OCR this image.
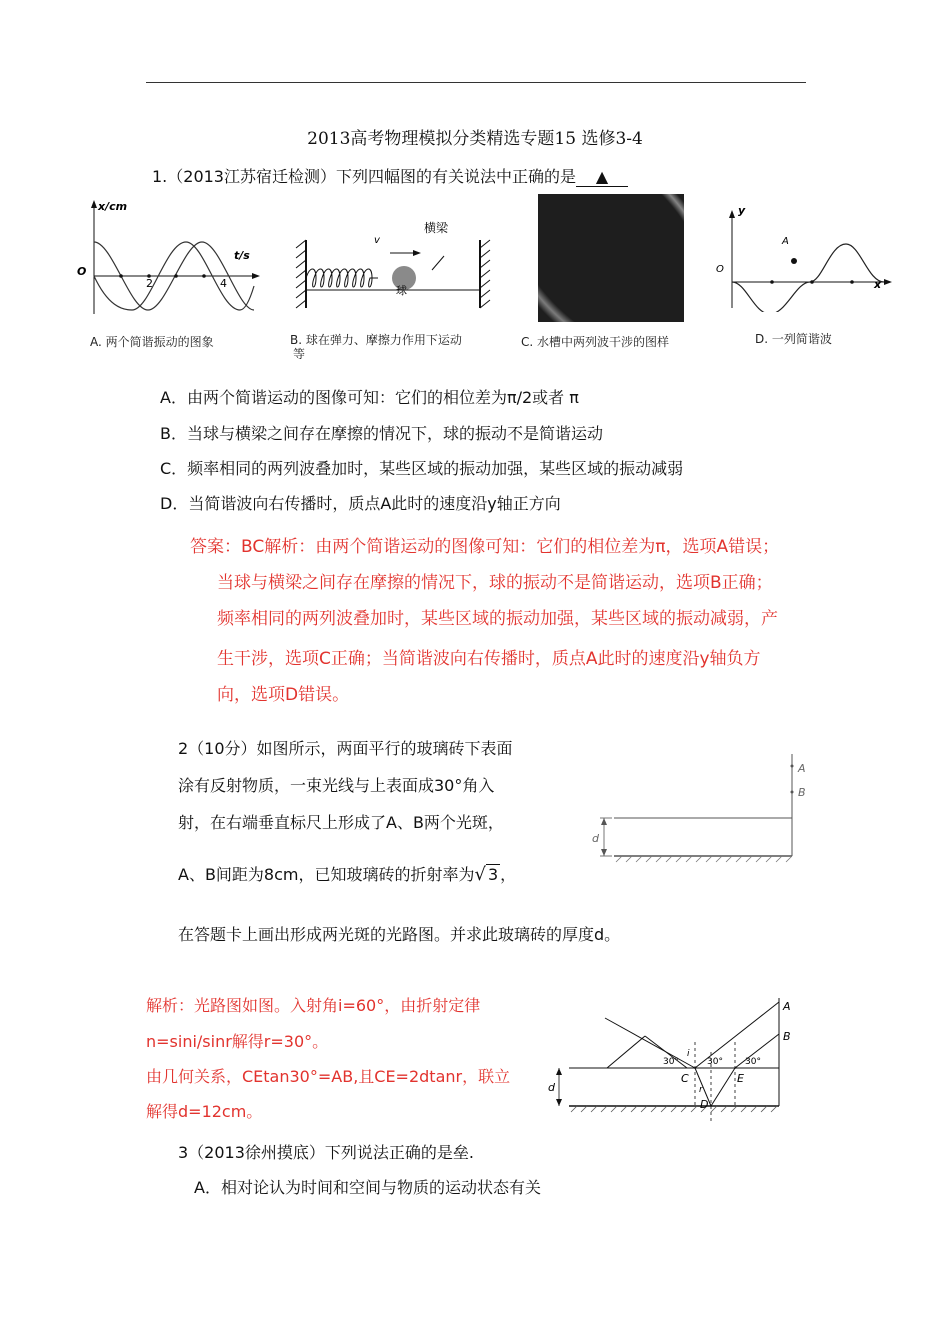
2013高考物理模拟分类精选专题15 选修3-4
1.（2013江苏宿迁检测）下列四幅图的有关说法中正确的是 ▲
x/cm
t/s
O
2	4
A. 两个简谐振动的图象
v
横梁
球
B. 球在弹力、摩擦力作用下运动
等
C. 水槽中两列波干涉的图样
y
A
O
x
D. 一列简谐波
A．由两个简谐运动的图像可知：它们的相位差为π/2或者 π
B．当球与横梁之间存在摩擦的情况下，球的振动不是简谐运动
C．频率相同的两列波叠加时，某些区域的振动加强，某些区域的振动减弱
D．当简谐波向右传播时，质点A此时的速度沿y轴正方向
答案：BC解析：由两个简谐运动的图像可知：它们的相位差为π，选项A错误；
当球与横梁之间存在摩擦的情况下，球的振动不是简谐运动，选项B正确；
频率相同的两列波叠加时，某些区域的振动加强，某些区域的振动减弱，产
生干涉，选项C正确；当简谐波向右传播时，质点A此时的速度沿y轴负方
向，选项D错误。
2（10分）如图所示，两面平行的玻璃砖下表面
涂有反射物质，一束光线与上表面成30°角入
射，在右端垂直标尺上形成了A、B两个光斑，
A、B间距为8cm，已知玻璃砖的折射率为√ 3 ，
在答题卡上画出形成两光斑的光路图。并求此玻璃砖的厚度d。
A
B
d
解析：光路图如图。入射角i=60°，由折射定律
n=sini/sinr解得r=30°。
由几何关系，CEtan30°=AB,且CE=2dtanr，联立
解得d=12cm。
A
B
C
D
E
d
i
r
30°	30° 30°
3（2013徐州摸底）下列说法正确的是垒.
A．相对论认为时间和空间与物质的运动状态有关
